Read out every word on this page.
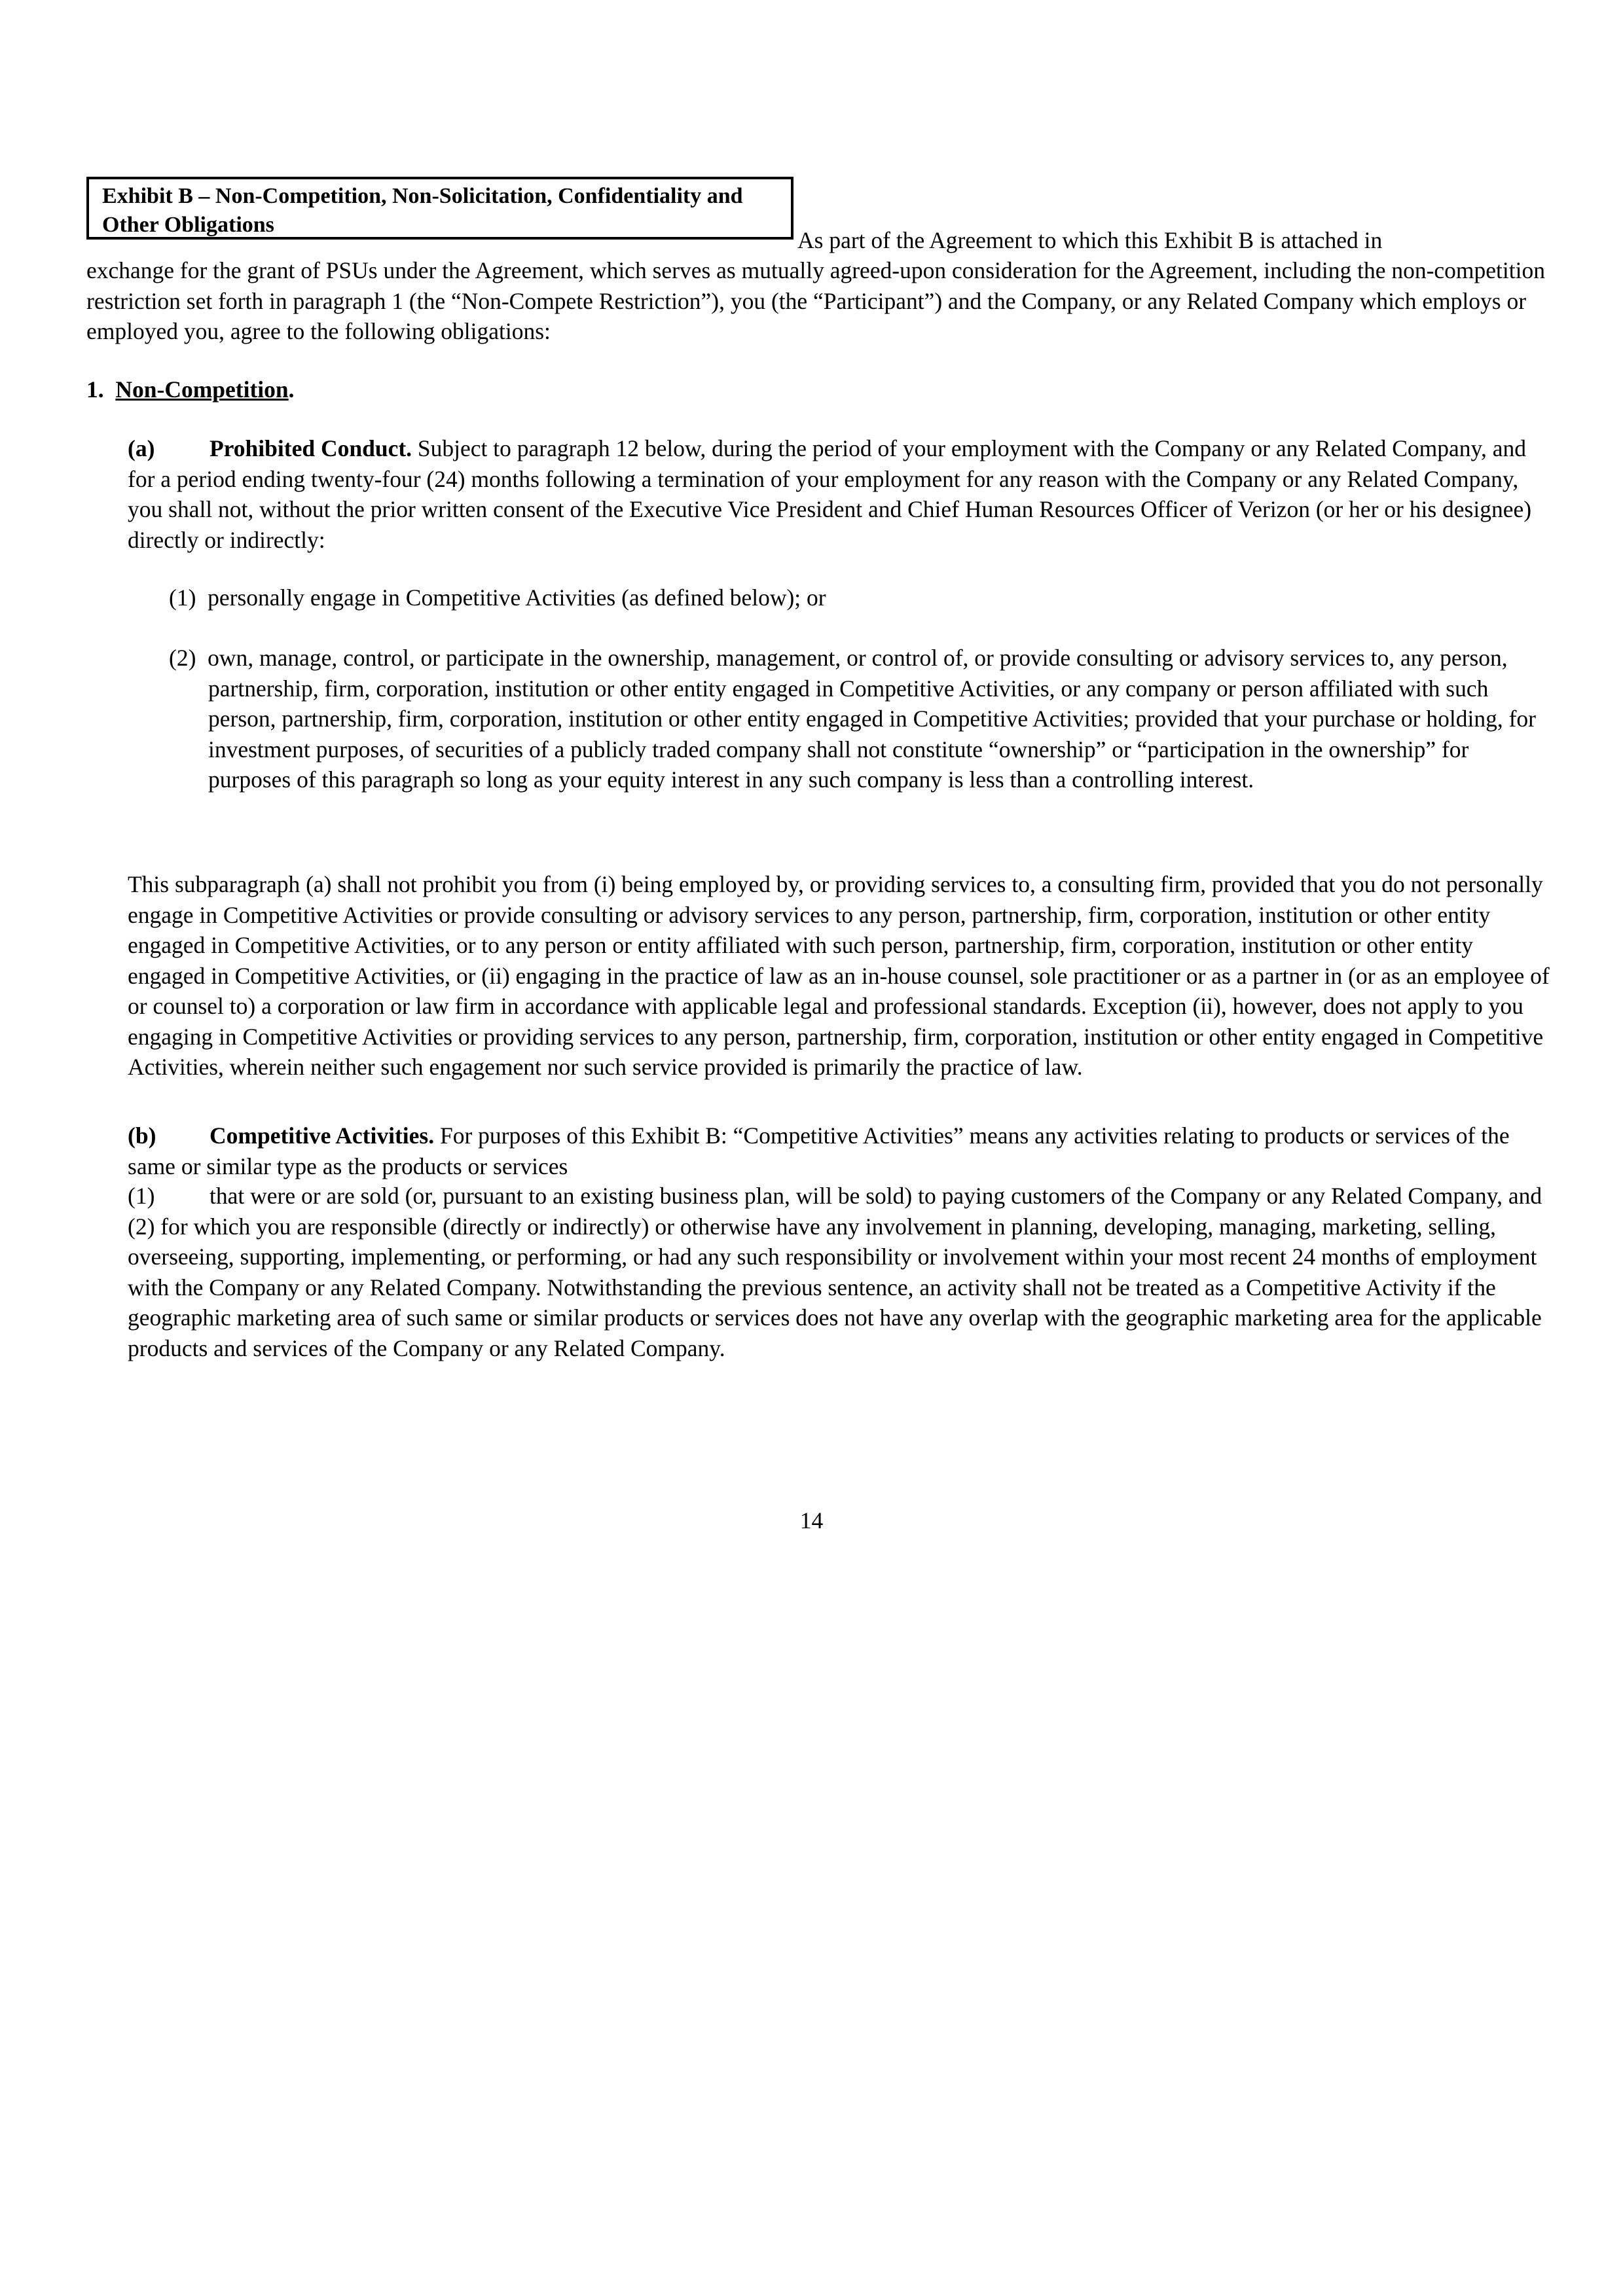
Exhibit B – Non-Competition, Non-Solicitation, Confidentiality and Other Obligations
As part of the Agreement to which this Exhibit B is attached in

exchange for the grant of PSUs under the Agreement, which serves as mutually agreed-upon consideration for the Agreement, including the non-competition restriction set forth in paragraph 1 (the “Non-Compete Restriction”), you (the “Participant”) and the Company, or any Related Company which employs or employed you, agree to the following obligations:

1. Non-Competition.

(a) Prohibited Conduct. Subject to paragraph 12 below, during the period of your employment with the Company or any Related Company, and for a period ending twenty-four (24) months following a termination of your employment for any reason with the Company or any Related Company, you shall not, without the prior written consent of the Executive Vice President and Chief Human Resources Officer of Verizon (or her or his designee) directly or indirectly:

(1) personally engage in Competitive Activities (as defined below); or

(2) own, manage, control, or participate in the ownership, management, or control of, or provide consulting or advisory services to, any person, partnership, firm, corporation, institution or other entity engaged in Competitive Activities, or any company or person affiliated with such person, partnership, firm, corporation, institution or other entity engaged in Competitive Activities; provided that your purchase or holding, for investment purposes, of securities of a publicly traded company shall not constitute “ownership” or “participation in the ownership” for purposes of this paragraph so long as your equity interest in any such company is less than a controlling interest.

This subparagraph (a) shall not prohibit you from (i) being employed by, or providing services to, a consulting firm, provided that you do not personally engage in Competitive Activities or provide consulting or advisory services to any person, partnership, firm, corporation, institution or other entity engaged in Competitive Activities, or to any person or entity affiliated with such person, partnership, firm, corporation, institution or other entity engaged in Competitive Activities, or (ii) engaging in the practice of law as an in-house counsel, sole practitioner or as a partner in (or as an employee of or counsel to) a corporation or law firm in accordance with applicable legal and professional standards. Exception (ii), however, does not apply to you engaging in Competitive Activities or providing services to any person, partnership, firm, corporation, institution or other entity engaged in Competitive Activities, wherein neither such engagement nor such service provided is primarily the practice of law.

(b) Competitive Activities. For purposes of this Exhibit B: “Competitive Activities” means any activities relating to products or services of the same or similar type as the products or services

(1) that were or are sold (or, pursuant to an existing business plan, will be sold) to paying customers of the Company or any Related Company, and (2) for which you are responsible (directly or indirectly) or otherwise have any involvement in planning, developing, managing, marketing, selling, overseeing, supporting, implementing, or performing, or had any such responsibility or involvement within your most recent 24 months of employment with the Company or any Related Company. Notwithstanding the previous sentence, an activity shall not be treated as a Competitive Activity if the geographic marketing area of such same or similar products or services does not have any overlap with the geographic marketing area for the applicable products and services of the Company or any Related Company.

14
